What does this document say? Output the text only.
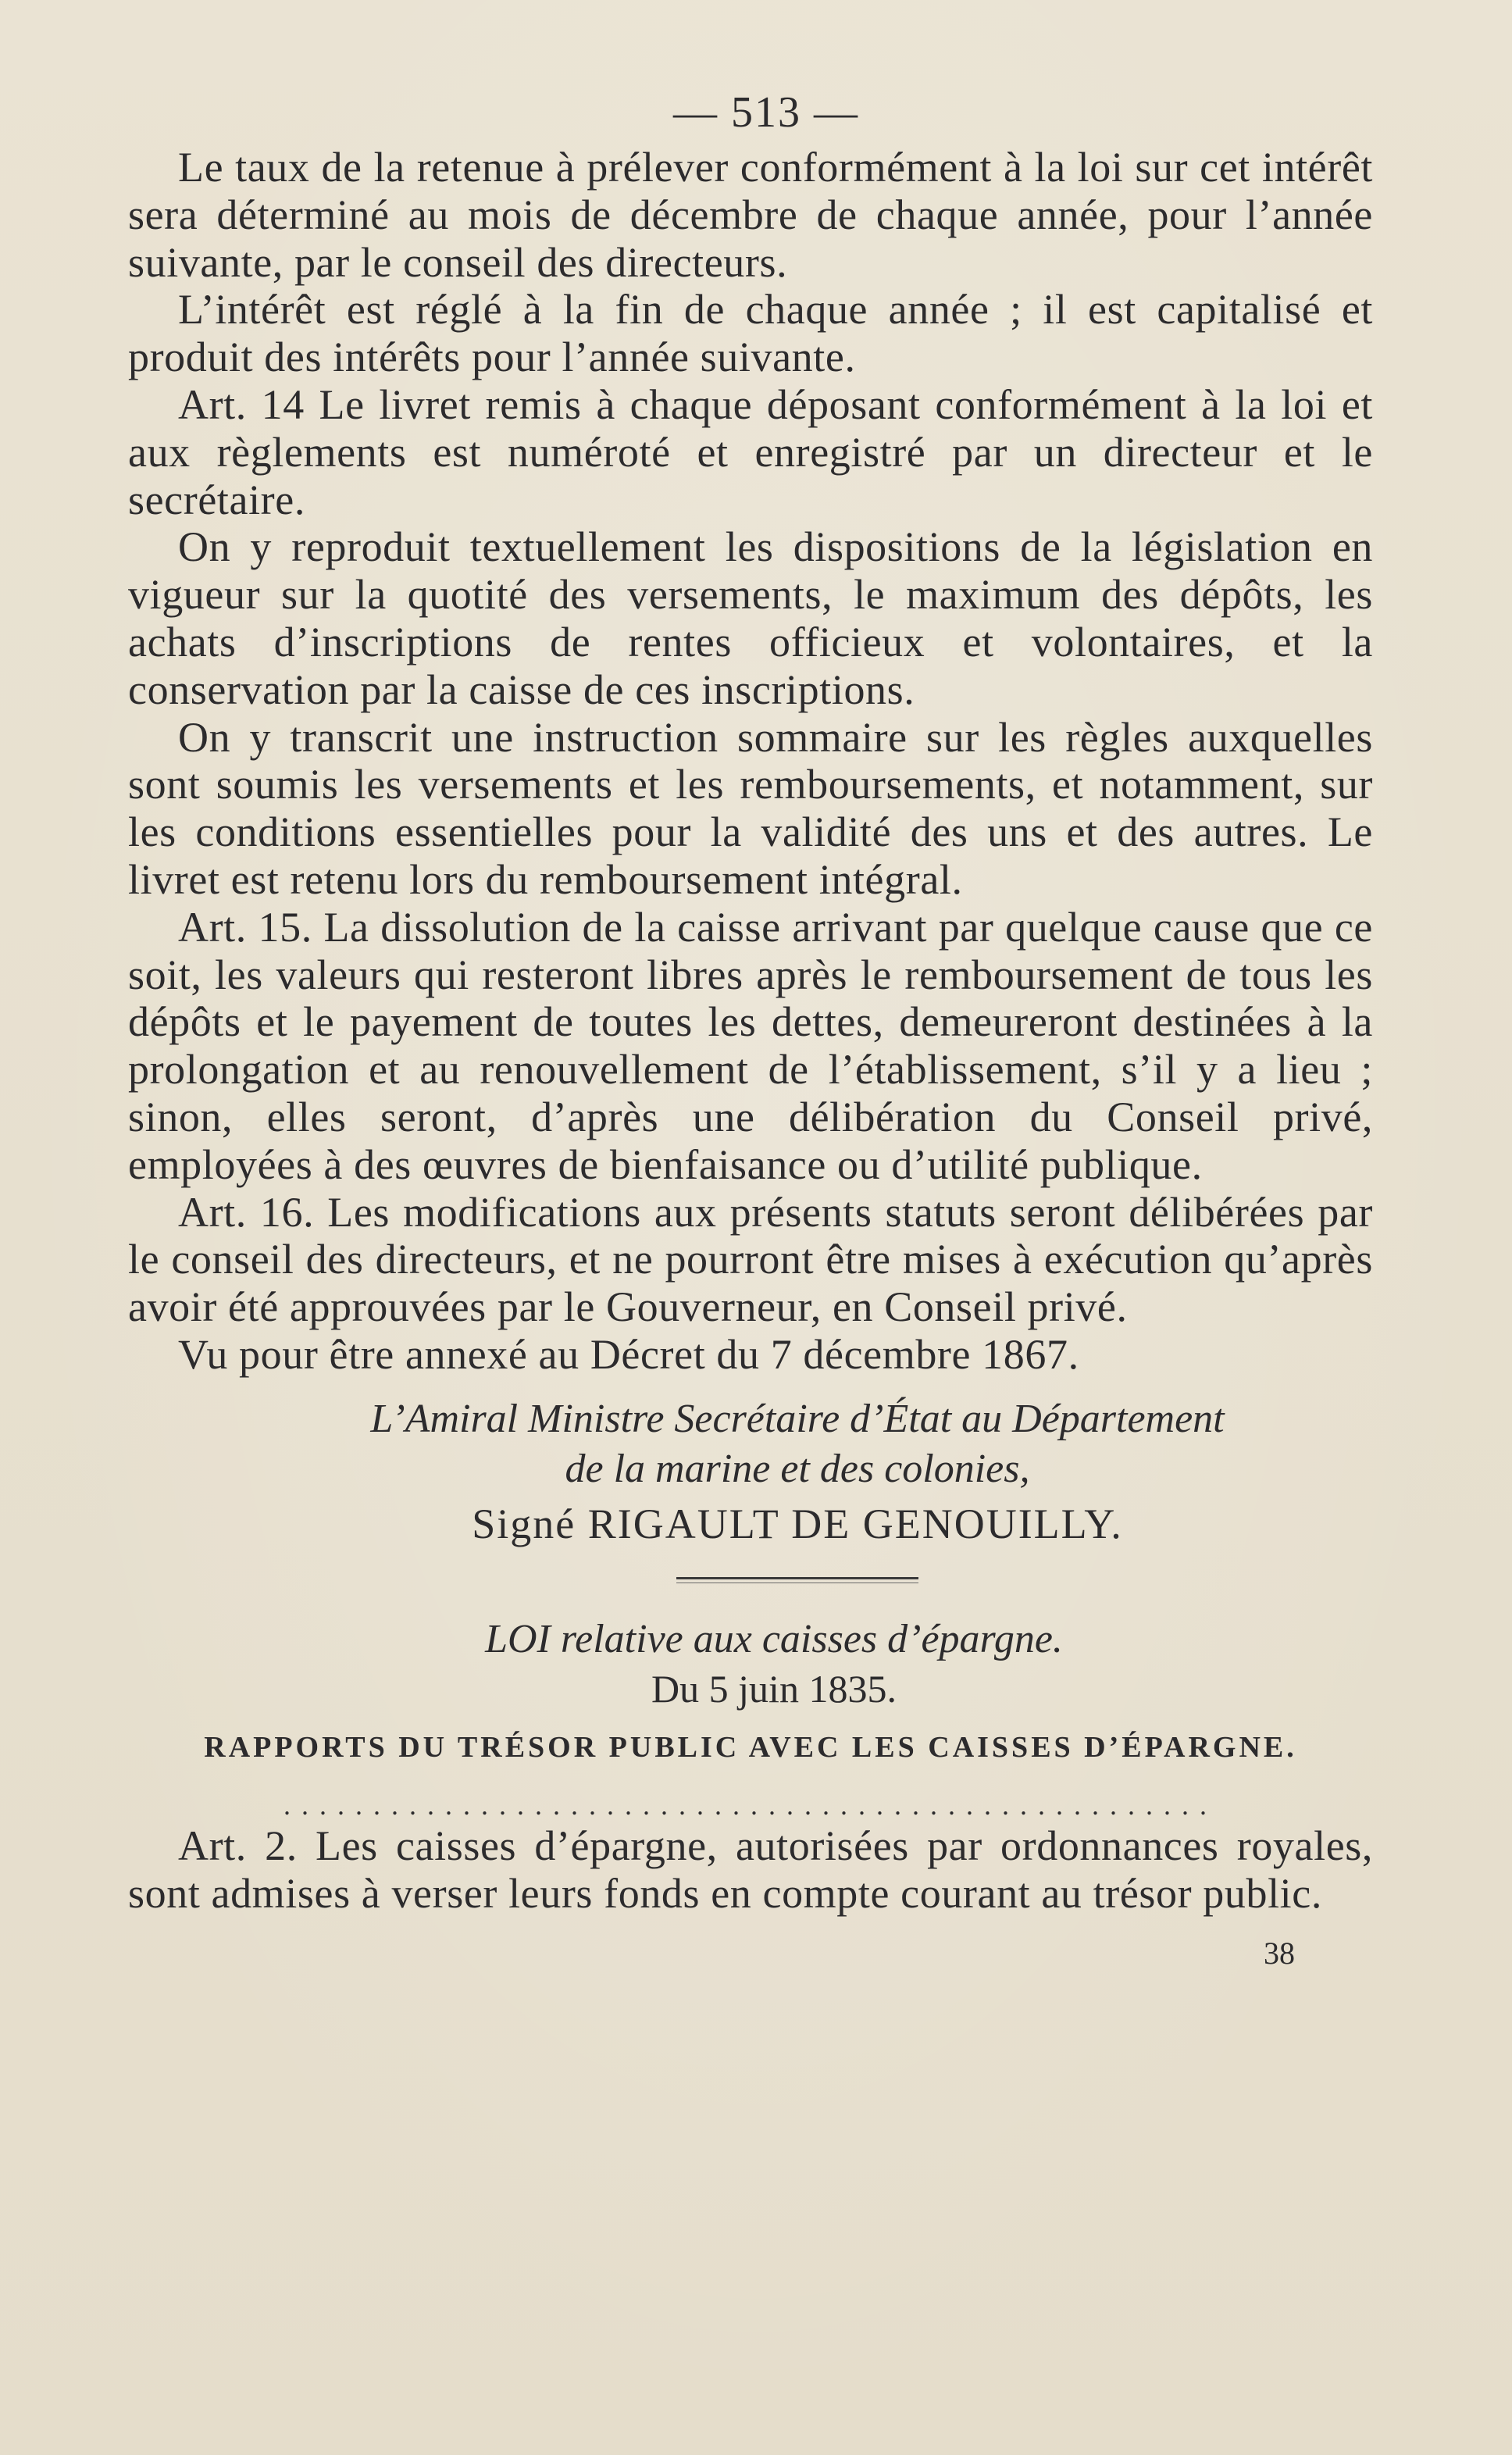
— 513 —

Le taux de la retenue à prélever conformément à la loi sur cet intérêt sera déterminé au mois de décembre de chaque année, pour l’année suivante, par le conseil des directeurs.

L’intérêt est réglé à la fin de chaque année ; il est capitalisé et produit des intérêts pour l’année suivante.

Art. 14 Le livret remis à chaque déposant conformément à la loi et aux règlements est numéroté et enregistré par un directeur et le secrétaire.

On y reproduit textuellement les dispositions de la législation en vigueur sur la quotité des versements, le maximum des dépôts, les achats d’inscriptions de rentes officieux et volontaires, et la conservation par la caisse de ces inscriptions.

On y transcrit une instruction sommaire sur les règles auxquelles sont soumis les versements et les remboursements, et notamment, sur les conditions essentielles pour la validité des uns et des autres. Le livret est retenu lors du remboursement intégral.

Art. 15. La dissolution de la caisse arrivant par quelque cause que ce soit, les valeurs qui resteront libres après le remboursement de tous les dépôts et le payement de toutes les dettes, demeureront destinées à la prolongation et au renouvellement de l’établissement, s’il y a lieu ; sinon, elles seront, d’après une délibération du Conseil privé, employées à des œuvres de bienfaisance ou d’utilité publique.

Art. 16. Les modifications aux présents statuts seront délibérées par le conseil des directeurs, et ne pourront être mises à exécution qu’après avoir été approuvées par le Gouverneur, en Conseil privé.

Vu pour être annexé au Décret du 7 décembre 1867.

L’Amiral Ministre Secrétaire d’État au Département
de la marine et des colonies,
Signé RIGAULT DE GENOUILLY.
LOI relative aux caisses d’épargne.
Du 5 juin 1835.
RAPPORTS DU TRÉSOR PUBLIC AVEC LES CAISSES D’ÉPARGNE.
....................................................

Art. 2. Les caisses d’épargne, autorisées par ordonnances royales, sont admises à verser leurs fonds en compte courant au trésor public.

38
